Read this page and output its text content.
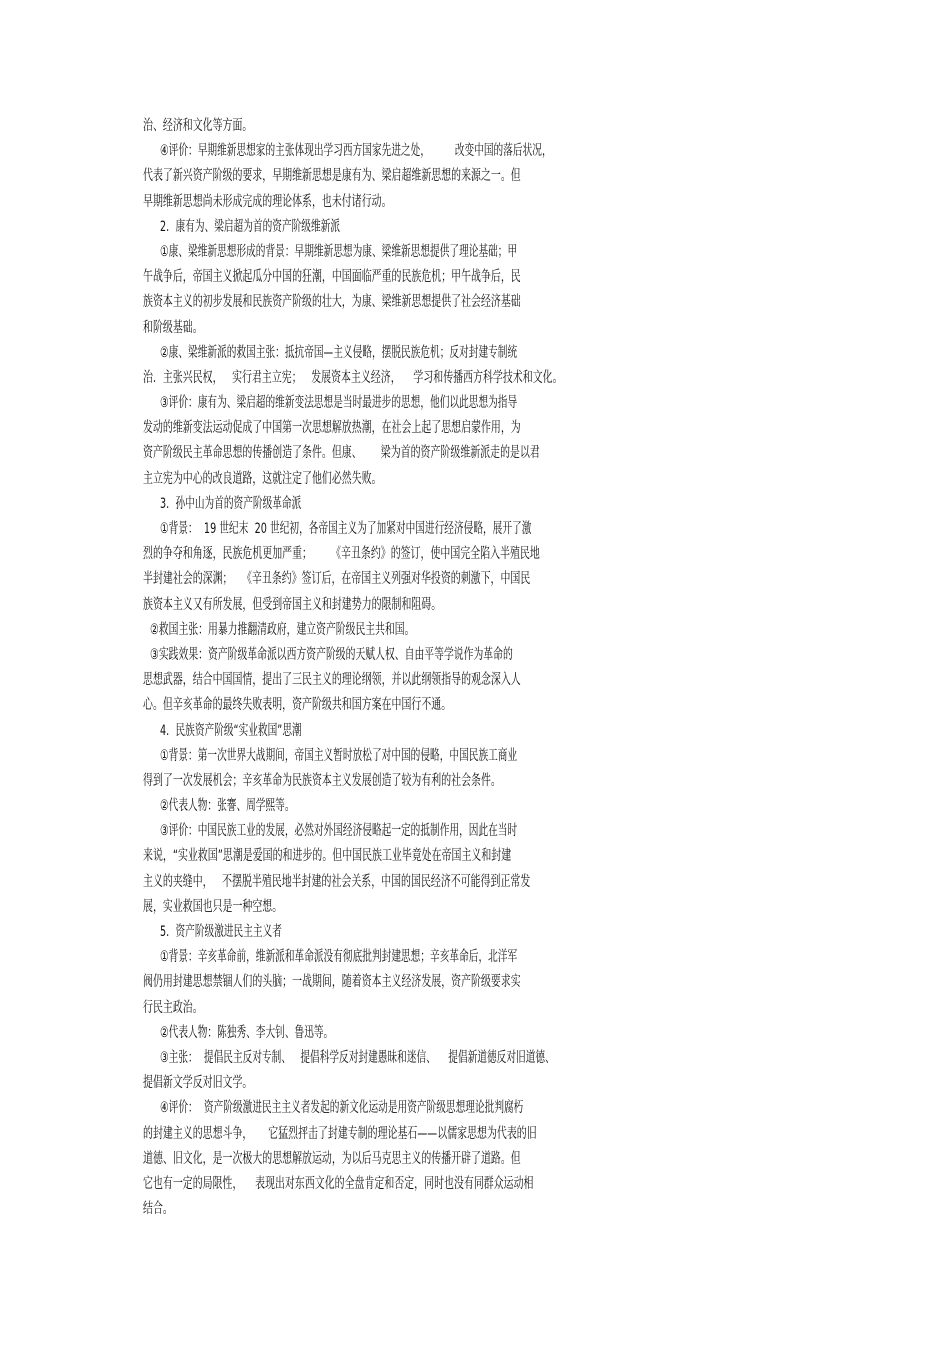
治、经济和文化等方面。
④评价：早期维新思想家的主张体现出学习西方国家先进之处，        改变中国的落后状况，
代表了新兴资产阶级的要求，早期维新思想是康有为、梁启超维新思想的来源之一。但
早期维新思想尚未形成完成的理论体系，也未付诸行动。
2.  康有为、梁启超为首的资产阶级维新派
①康、梁维新思想形成的背景：早期维新思想为康、梁维新思想提供了理论基础；甲
午战争后，帝国主义掀起瓜分中国的狂潮，中国面临严重的民族危机；甲午战争后，民
族资本主义的初步发展和民族资产阶级的壮大，为康、梁维新思想提供了社会经济基础
和阶级基础。
②康、梁维新派的救国主张：抵抗帝国—主义侵略，摆脱民族危机；反对封建专制统
治．主张兴民权，   实行君主立宪；   发展资本主义经济，    学习和传播西方科学技术和文化。
③评价：康有为、梁启超的维新变法思想是当时最进步的思想，他们以此思想为指导
发动的维新变法运动促成了中国第一次思想解放热潮，在社会上起了思想启蒙作用，为
资产阶级民主革命思想的传播创造了条件。但康、      梁为首的资产阶级维新派走的是以君
主立宪为中心的改良道路，这就注定了他们必然失败。
3.  孙中山为首的资产阶级革命派
①背景：  19 世纪末  20 世纪初，各帝国主义为了加紧对中国进行经济侵略，展开了激
烈的争夺和角逐，民族危机更加严重；      《辛丑条约》的签订，使中国完全陷入半殖民地
半封建社会的深渊；   《辛丑条约》签订后，在帝国主义列强对华投资的刺激下，中国民
族资本主义又有所发展，但受到帝国主义和封建势力的限制和阻碍。
②救国主张：用暴力推翻清政府，建立资产阶级民主共和国。
③实践效果：资产阶级革命派以西方资产阶级的天赋人权、自由平等学说作为革命的
思想武器，结合中国国情，提出了三民主义的理论纲领，并以此纲领指导的观念深入人
心。但辛亥革命的最终失败表明，资产阶级共和国方案在中国行不通。
4.  民族资产阶级“实业救国”思潮
①背景：第一次世界大战期间，帝国主义暂时放松了对中国的侵略，中国民族工商业
得到了一次发展机会；辛亥革命为民族资本主义发展创造了较为有利的社会条件。
②代表人物：张謇、周学熙等。
③评价：中国民族工业的发展，必然对外国经济侵略起一定的抵制作用，因此在当时
来说，“实业救国”思潮是爱国的和进步的。但中国民族工业毕竟处在帝国主义和封建
主义的夹缝中，   不摆脱半殖民地半封建的社会关系，中国的国民经济不可能得到正常发
展，实业救国也只是一种空想。
5.  资产阶级激进民主主义者
①背景：辛亥革命前，维新派和革命派没有彻底批判封建思想；辛亥革命后，北洋军
阀仍用封建思想禁锢人们的头脑；一战期间，随着资本主义经济发展，资产阶级要求实
行民主政治。
②代表人物：陈独秀、李大钊、鲁迅等。
③主张：  提倡民主反对专制、   提倡科学反对封建愚昧和迷信、    提倡新道德反对旧道德、
提倡新文学反对旧文学。
④评价：  资产阶级激进民主主义者发起的新文化运动是用资产阶级思想理论批判腐朽
的封建主义的思想斗争，     它猛烈抨击了封建专制的理论基石——以儒家思想为代表的旧
道德、旧文化，是一次极大的思想解放运动，为以后马克思主义的传播开辟了道路。但
它也有一定的局限性，    表现出对东西文化的全盘肯定和否定，同时也没有同群众运动相
结合。
